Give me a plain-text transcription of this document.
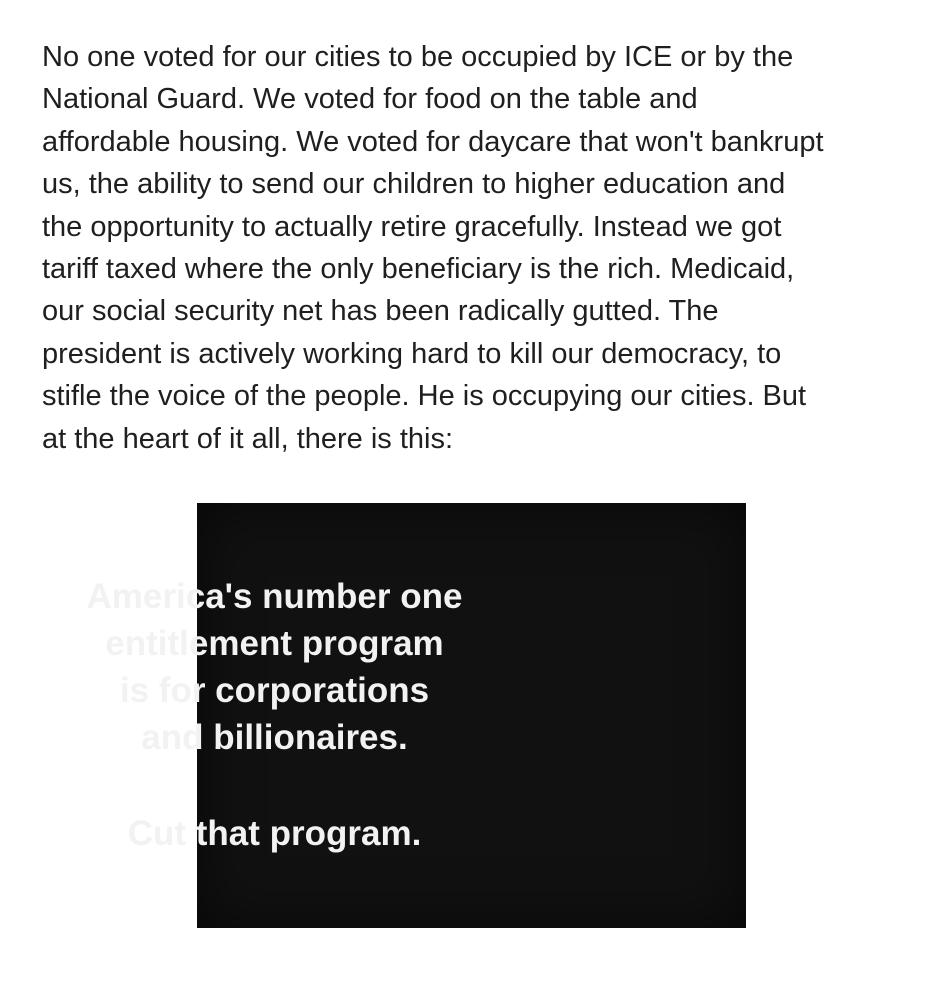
No one voted for our cities to be occupied by ICE or by the
National Guard. We voted for food on the table and
affordable housing. We voted for daycare that won't bankrupt
us, the ability to send our children to higher education and
the opportunity to actually retire gracefully. Instead we got
tariff taxed where the only beneficiary is the rich. Medicaid,
our social security net has been radically gutted. The
president is actively working hard to kill our democracy, to
stifle the voice of the people. He is occupying our cities. But
at the heart of it all, there is this:

America's number one
entitlement program
is for corporations
and billionaires.

Cut that program.
